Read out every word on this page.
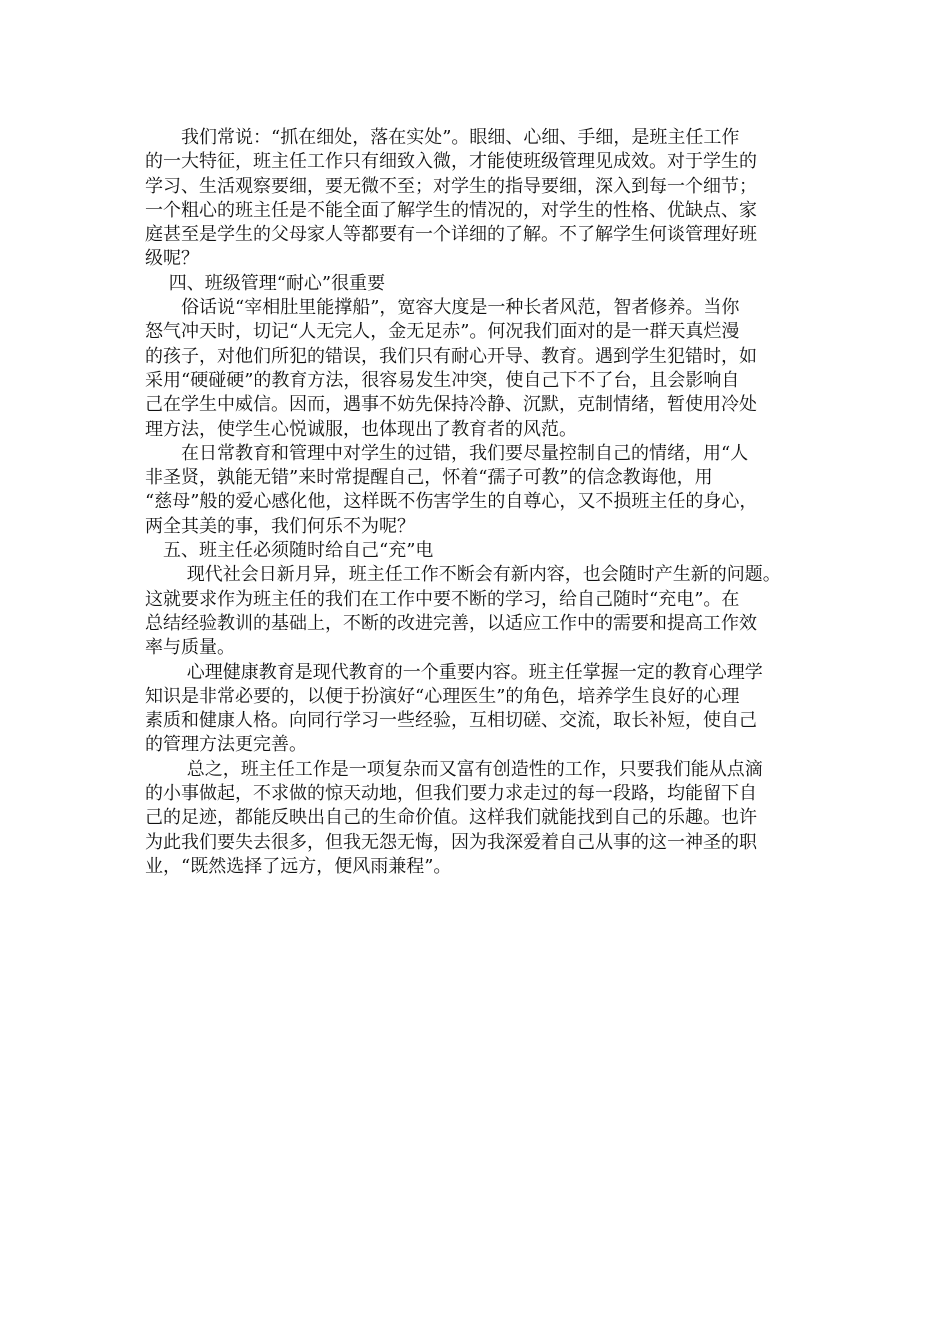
　　我们常说：“抓在细处，落在实处”。眼细、心细、手细，是班主任工作
的一大特征，班主任工作只有细致入微，才能使班级管理见成效。对于学生的
学习、生活观察要细，要无微不至；对学生的指导要细，深入到每一个细节；
一个粗心的班主任是不能全面了解学生的情况的，对学生的性格、优缺点、家
庭甚至是学生的父母家人等都要有一个详细的了解。不了解学生何谈管理好班
级呢？
　 四、班级管理“耐心”很重要
　　俗话说“宰相肚里能撑船”，宽容大度是一种长者风范，智者修养。当你
怒气冲天时，切记“人无完人，金无足赤”。何况我们面对的是一群天真烂漫
的孩子，对他们所犯的错误，我们只有耐心开导、教育。遇到学生犯错时，如
采用“硬碰硬”的教育方法，很容易发生冲突，使自己下不了台，且会影响自
己在学生中威信。因而，遇事不妨先保持冷静、沉默，克制情绪，暂使用冷处
理方法，使学生心悦诚服，也体现出了教育者的风范。
　　在日常教育和管理中对学生的过错，我们要尽量控制自己的情绪，用“人
非圣贤，孰能无错”来时常提醒自己，怀着“孺子可教”的信念教诲他，用
“慈母”般的爱心感化他，这样既不伤害学生的自尊心，又不损班主任的身心，
两全其美的事，我们何乐不为呢？
　五、班主任必须随时给自己“充”电
　　 现代社会日新月异，班主任工作不断会有新内容，也会随时产生新的问题。
这就要求作为班主任的我们在工作中要不断的学习，给自己随时“充电”。在
总结经验教训的基础上，不断的改进完善，以适应工作中的需要和提高工作效
率与质量。
　　 心理健康教育是现代教育的一个重要内容。班主任掌握一定的教育心理学
知识是非常必要的，以便于扮演好“心理医生”的角色，培养学生良好的心理
素质和健康人格。向同行学习一些经验，互相切磋、交流，取长补短，使自己
的管理方法更完善。
　　 总之，班主任工作是一项复杂而又富有创造性的工作，只要我们能从点滴
的小事做起，不求做的惊天动地，但我们要力求走过的每一段路，均能留下自
己的足迹，都能反映出自己的生命价值。这样我们就能找到自己的乐趣。也许
为此我们要失去很多，但我无怨无悔，因为我深爱着自己从事的这一神圣的职
业，“既然选择了远方，便风雨兼程”。
